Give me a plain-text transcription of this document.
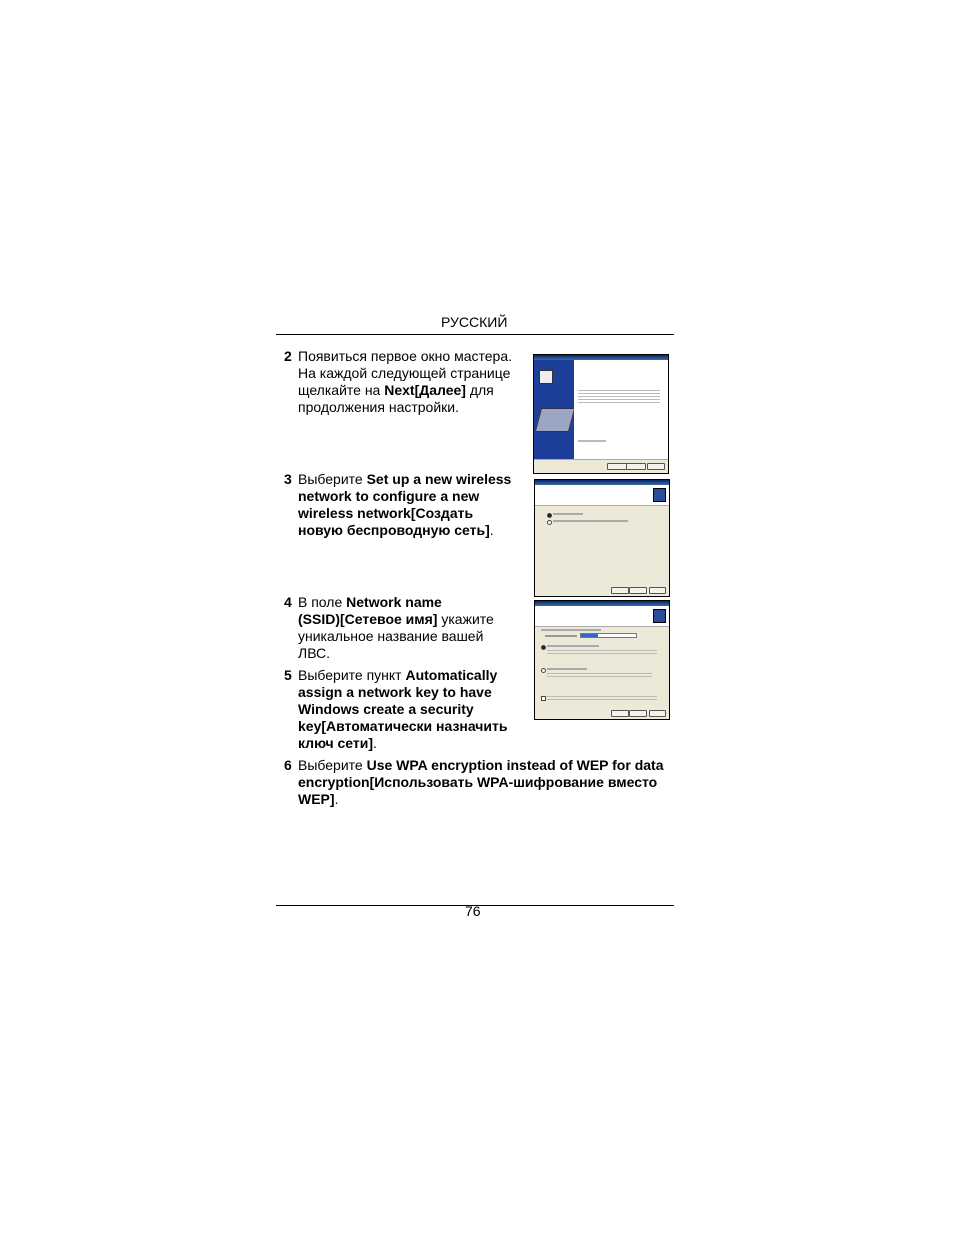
РУССКИЙ
2 Появиться первое окно мастера.
На каждой следующей странице
щелкайте на Next[Далее] для
продолжения настройки.
3 Выберите Set up a new wireless
network to configure a new
wireless network[Создать
новую беспроводную сеть].
4 В поле Network name
(SSID)[Сетевое имя] укажите
уникальное название вашей
ЛВС.
5 Выберите пункт Automatically
assign a network key to have
Windows create a security
key[Автоматически назначить
ключ сети].
6 Выберите Use WPA encryption instead of WEP for data
encryption[Использовать WPA-шифрование вместо
WEP].
76
